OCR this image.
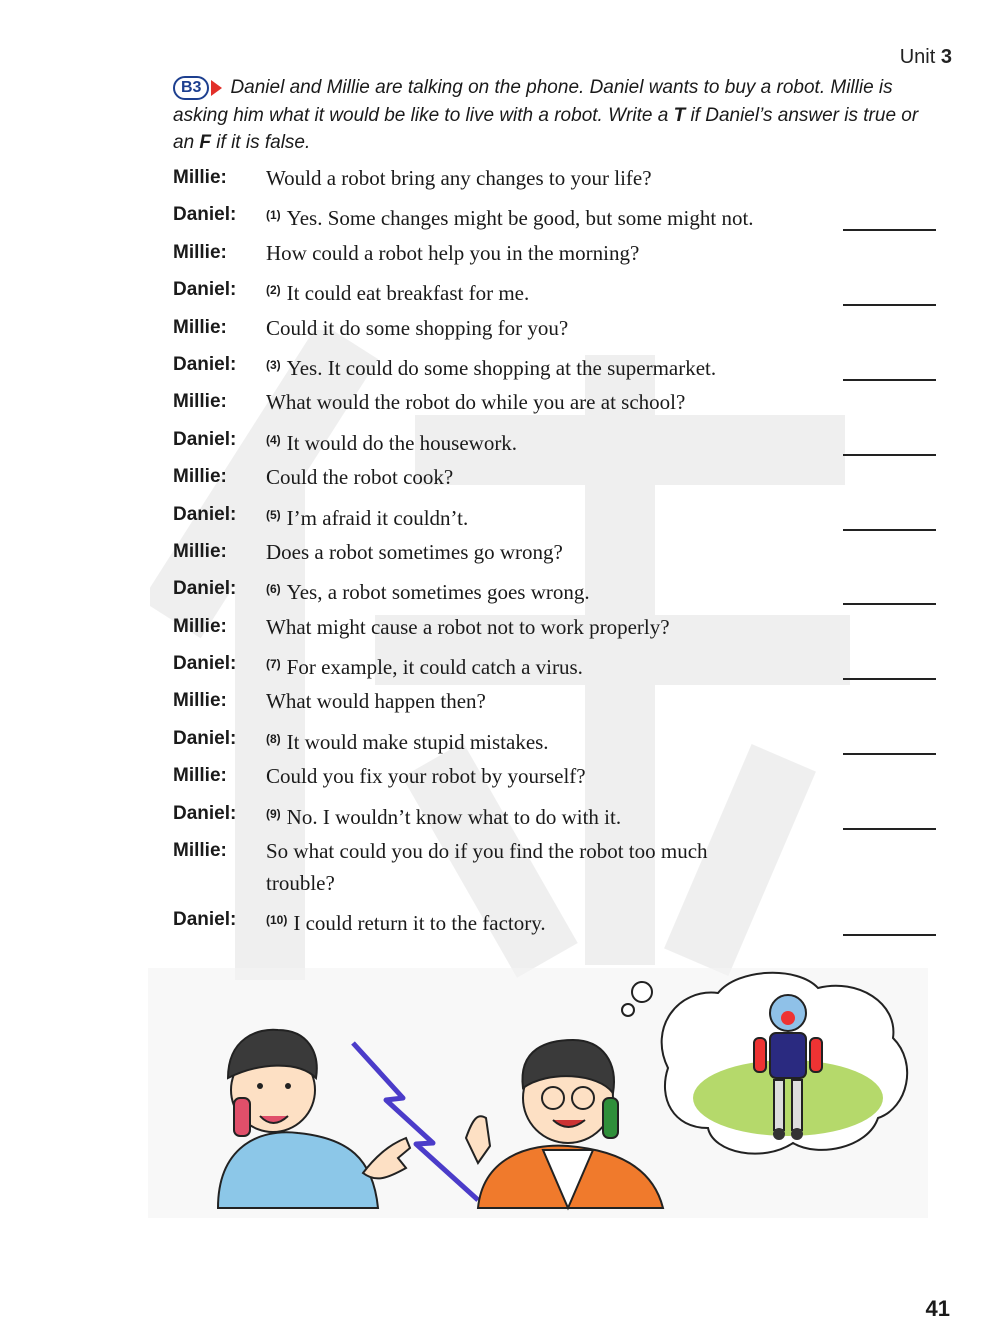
Unit 3
B3	Daniel and Millie are talking on the phone. Daniel wants to buy a robot. Millie is asking him what it would be like to live with a robot. Write a T if Daniel’s answer is true or an F if it is false.
Millie:	Would a robot bring any changes to your life?
Daniel:	$^{(1)}$ Yes. Some changes might be good, but some might not.
Millie:	How could a robot help you in the morning?
Daniel:	$^{(2)}$ It could eat breakfast for me.
Millie:	Could it do some shopping for you?
Daniel:	$^{(3)}$ Yes. It could do some shopping at the supermarket.
Millie:	What would the robot do while you are at school?
Daniel:	$^{(4)}$ It would do the housework.
Millie:	Could the robot cook?
Daniel:	$^{(5)}$ I’m afraid it couldn’t.
Millie:	Does a robot sometimes go wrong?
Daniel:	$^{(6)}$ Yes, a robot sometimes goes wrong.
Millie:	What might cause a robot not to work properly?
Daniel:	$^{(7)}$ For example, it could catch a virus.
Millie:	What would happen then?
Daniel:	$^{(8)}$ It would make stupid mistakes.
Millie:	Could you fix your robot by yourself?
Daniel:	$^{(9)}$ No. I wouldn’t know what to do with it.
Millie:	So what could you do if you find the robot too much trouble?
Daniel:	$^{(10)}$ I could return it to the factory.
41
